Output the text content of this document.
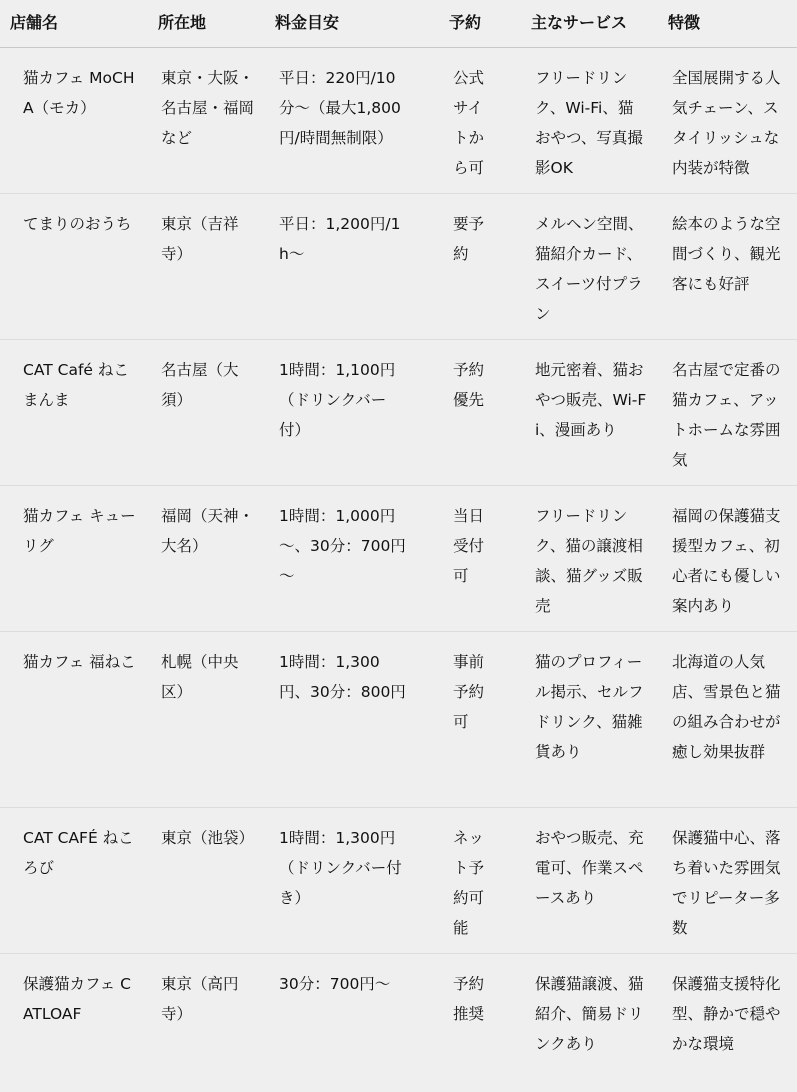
店舗名	所在地	料金目安	予約	主なサービス	特徴
猫カフェ MoCHA（モカ）	東京・大阪・名古屋・福岡など	平日：220円/10分～（最大1,800円/時間無制限）	公式サイトから可	フリードリンク、Wi-Fi、猫おやつ、写真撮影OK	全国展開する人気チェーン、スタイリッシュな内装が特徴
てまりのおうち	東京（吉祥寺）	平日：1,200円/1h～	要予約	メルヘン空間、猫紹介カード、スイーツ付プラン	絵本のような空間づくり、観光客にも好評
CAT Café ねこまんま	名古屋（大須）	1時間：1,100円（ドリンクバー付）	予約優先	地元密着、猫おやつ販売、Wi-Fi、漫画あり	名古屋で定番の猫カフェ、アットホームな雰囲気
猫カフェ キューリグ	福岡（天神・大名）	1時間：1,000円～、30分：700円～	当日受付可	フリードリンク、猫の譲渡相談、猫グッズ販売	福岡の保護猫支援型カフェ、初心者にも優しい案内あり
猫カフェ 福ねこ	札幌（中央区）	1時間：1,300円、30分：800円	事前予約可	猫のプロフィール掲示、セルフドリンク、猫雑貨あり	北海道の人気店、雪景色と猫の組み合わせが癒し効果抜群
CAT CAFÉ ねころび	東京（池袋）	1時間：1,300円（ドリンクバー付き）	ネット予約可能	おやつ販売、充電可、作業スペースあり	保護猫中心、落ち着いた雰囲気でリピーター多数
保護猫カフェ CATLOAF	東京（高円寺）	30分：700円～	予約推奨	保護猫譲渡、猫紹介、簡易ドリンクあり	保護猫支援特化型、静かで穏やかな環境
